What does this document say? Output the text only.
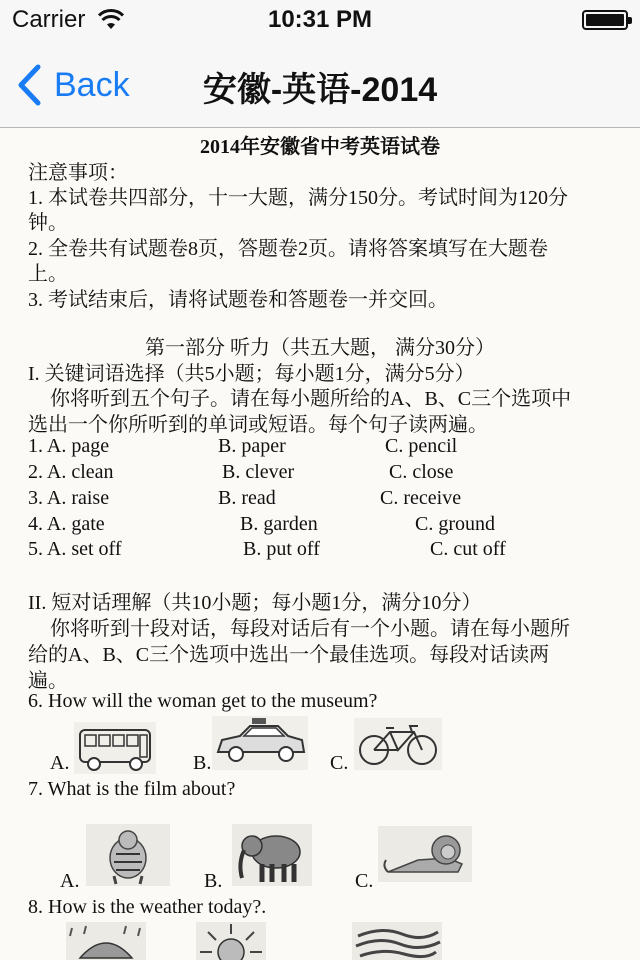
Carrier	10:31 PM
Back	安徽-英语-2014
2014年安徽省中考英语试卷
注意事项：
1. 本试卷共四部分，十一大题，满分150分。考试时间为120分
钟。
2. 全卷共有试题卷8页，答题卷2页。请将答案填写在大题卷
上。
3. 考试结束后，请将试题卷和答题卷一并交回。
第一部分 听力（共五大题， 满分30分）
I. 关键词语选择（共5小题；每小题1分，满分5分）
你将听到五个句子。请在每小题所给的A、B、C三个选项中
选出一个你所听到的单词或短语。每个句子读两遍。
1. A. page	B. paper	C. pencil
2. A. clean	B. clever	C. close
3. A. raise	B. read	C. receive
4. A. gate	B. garden	C. ground
5. A. set off	B. put off	C. cut off
II. 短对话理解（共10小题；每小题1分，满分10分）
你将听到十段对话，每段对话后有一个小题。请在每小题所
给的A、B、C三个选项中选出一个最佳选项。每段对话读两
遍。
6. How will the woman get to the museum?
A.	B.	C.
7. What is the film about?
A.	B.	C.
8. How is the weather today?.
